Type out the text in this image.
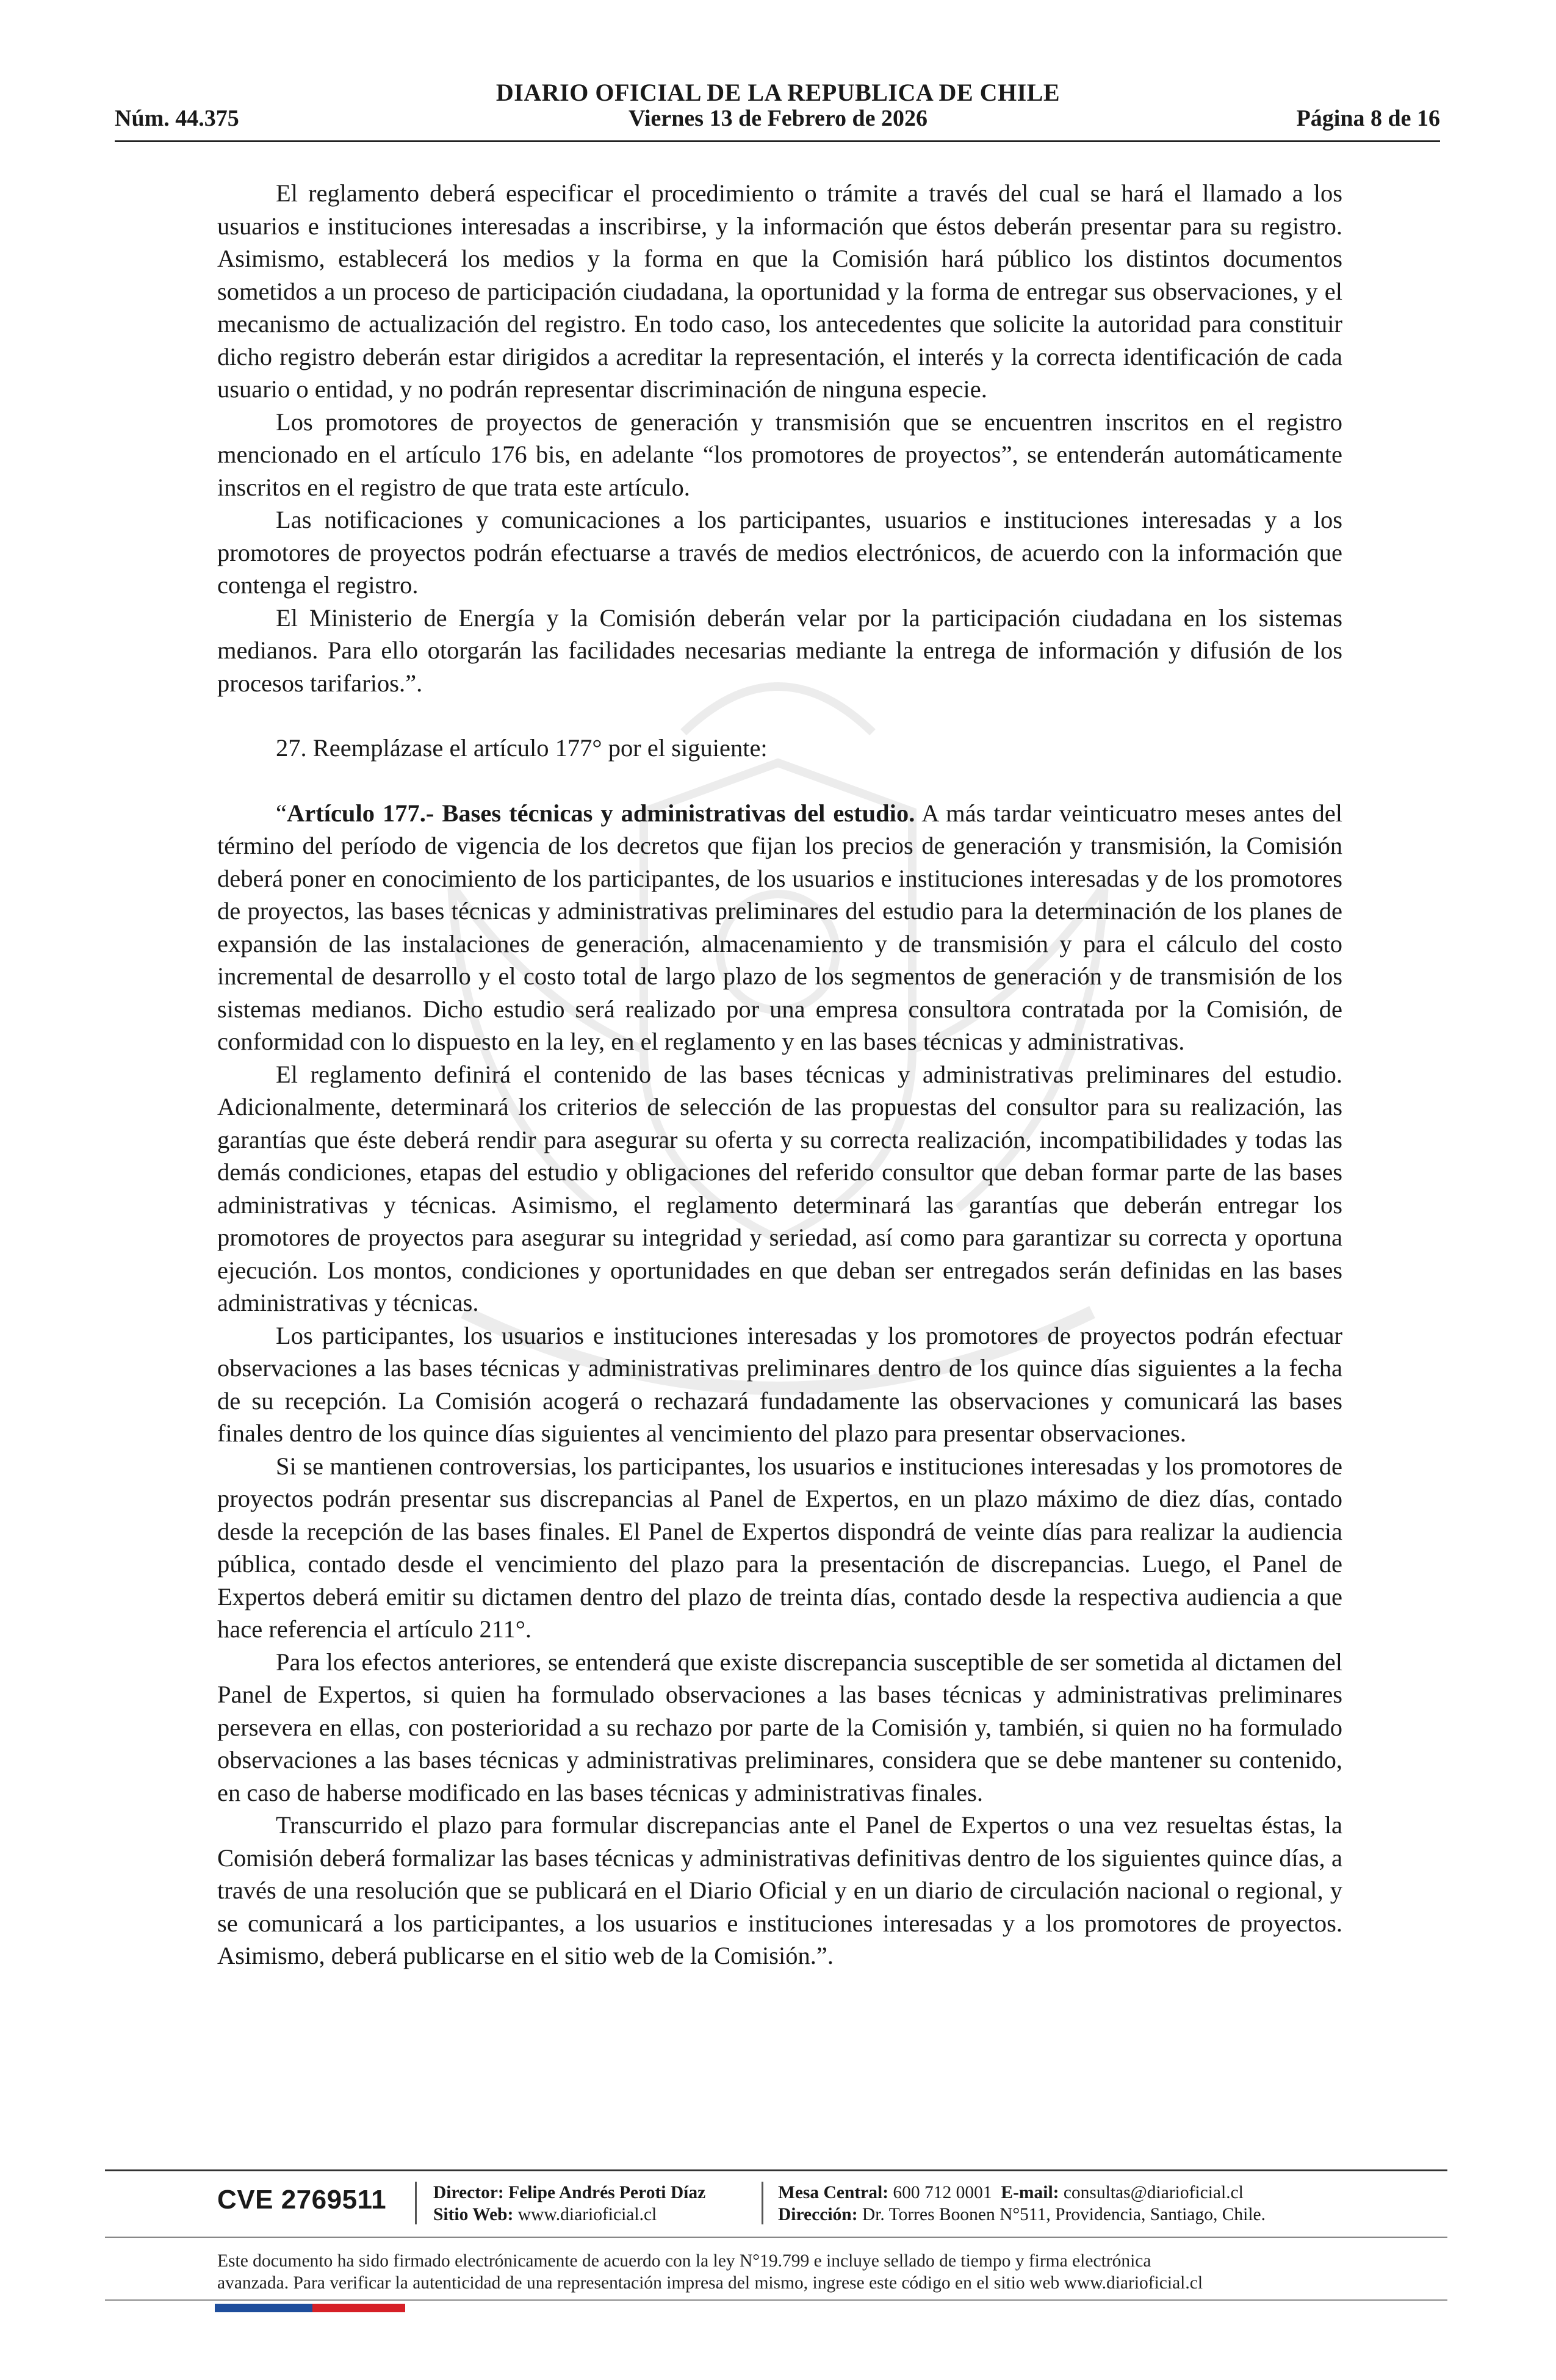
DIARIO OFICIAL DE LA REPUBLICA DE CHILE
Núm. 44.375	Viernes 13 de Febrero de 2026	Página 8 de 16

El reglamento deberá especificar el procedimiento o trámite a través del cual se hará el llamado a los usuarios e instituciones interesadas a inscribirse, y la información que éstos deberán presentar para su registro. Asimismo, establecerá los medios y la forma en que la Comisión hará público los distintos documentos sometidos a un proceso de participación ciudadana, la oportunidad y la forma de entregar sus observaciones, y el mecanismo de actualización del registro. En todo caso, los antecedentes que solicite la autoridad para constituir dicho registro deberán estar dirigidos a acreditar la representación, el interés y la correcta identificación de cada usuario o entidad, y no podrán representar discriminación de ninguna especie.

Los promotores de proyectos de generación y transmisión que se encuentren inscritos en el registro mencionado en el artículo 176 bis, en adelante “los promotores de proyectos”, se entenderán automáticamente inscritos en el registro de que trata este artículo.

Las notificaciones y comunicaciones a los participantes, usuarios e instituciones interesadas y a los promotores de proyectos podrán efectuarse a través de medios electrónicos, de acuerdo con la información que contenga el registro.

El Ministerio de Energía y la Comisión deberán velar por la participación ciudadana en los sistemas medianos. Para ello otorgarán las facilidades necesarias mediante la entrega de información y difusión de los procesos tarifarios.”.

27. Reemplázase el artículo 177° por el siguiente:

“Artículo 177.- Bases técnicas y administrativas del estudio. A más tardar veinticuatro meses antes del término del período de vigencia de los decretos que fijan los precios de generación y transmisión, la Comisión deberá poner en conocimiento de los participantes, de los usuarios e instituciones interesadas y de los promotores de proyectos, las bases técnicas y administrativas preliminares del estudio para la determinación de los planes de expansión de las instalaciones de generación, almacenamiento y de transmisión y para el cálculo del costo incremental de desarrollo y el costo total de largo plazo de los segmentos de generación y de transmisión de los sistemas medianos. Dicho estudio será realizado por una empresa consultora contratada por la Comisión, de conformidad con lo dispuesto en la ley, en el reglamento y en las bases técnicas y administrativas.

El reglamento definirá el contenido de las bases técnicas y administrativas preliminares del estudio. Adicionalmente, determinará los criterios de selección de las propuestas del consultor para su realización, las garantías que éste deberá rendir para asegurar su oferta y su correcta realización, incompatibilidades y todas las demás condiciones, etapas del estudio y obligaciones del referido consultor que deban formar parte de las bases administrativas y técnicas. Asimismo, el reglamento determinará las garantías que deberán entregar los promotores de proyectos para asegurar su integridad y seriedad, así como para garantizar su correcta y oportuna ejecución. Los montos, condiciones y oportunidades en que deban ser entregados serán definidas en las bases administrativas y técnicas.

Los participantes, los usuarios e instituciones interesadas y los promotores de proyectos podrán efectuar observaciones a las bases técnicas y administrativas preliminares dentro de los quince días siguientes a la fecha de su recepción. La Comisión acogerá o rechazará fundadamente las observaciones y comunicará las bases finales dentro de los quince días siguientes al vencimiento del plazo para presentar observaciones.

Si se mantienen controversias, los participantes, los usuarios e instituciones interesadas y los promotores de proyectos podrán presentar sus discrepancias al Panel de Expertos, en un plazo máximo de diez días, contado desde la recepción de las bases finales. El Panel de Expertos dispondrá de veinte días para realizar la audiencia pública, contado desde el vencimiento del plazo para la presentación de discrepancias. Luego, el Panel de Expertos deberá emitir su dictamen dentro del plazo de treinta días, contado desde la respectiva audiencia a que hace referencia el artículo 211°.

Para los efectos anteriores, se entenderá que existe discrepancia susceptible de ser sometida al dictamen del Panel de Expertos, si quien ha formulado observaciones a las bases técnicas y administrativas preliminares persevera en ellas, con posterioridad a su rechazo por parte de la Comisión y, también, si quien no ha formulado observaciones a las bases técnicas y administrativas preliminares, considera que se debe mantener su contenido, en caso de haberse modificado en las bases técnicas y administrativas finales.

Transcurrido el plazo para formular discrepancias ante el Panel de Expertos o una vez resueltas éstas, la Comisión deberá formalizar las bases técnicas y administrativas definitivas dentro de los siguientes quince días, a través de una resolución que se publicará en el Diario Oficial y en un diario de circulación nacional o regional, y se comunicará a los participantes, a los usuarios e instituciones interesadas y a los promotores de proyectos. Asimismo, deberá publicarse en el sitio web de la Comisión.”.

CVE 2769511	Director: Felipe Andrés Peroti Díaz
Sitio Web: www.diarioficial.cl
Mesa Central: 600 712 0001 E-mail: consultas@diarioficial.cl
Dirección: Dr. Torres Boonen N°511, Providencia, Santiago, Chile.
Este documento ha sido firmado electrónicamente de acuerdo con la ley N°19.799 e incluye sellado de tiempo y firma electrónica
avanzada. Para verificar la autenticidad de una representación impresa del mismo, ingrese este código en el sitio web www.diarioficial.cl
